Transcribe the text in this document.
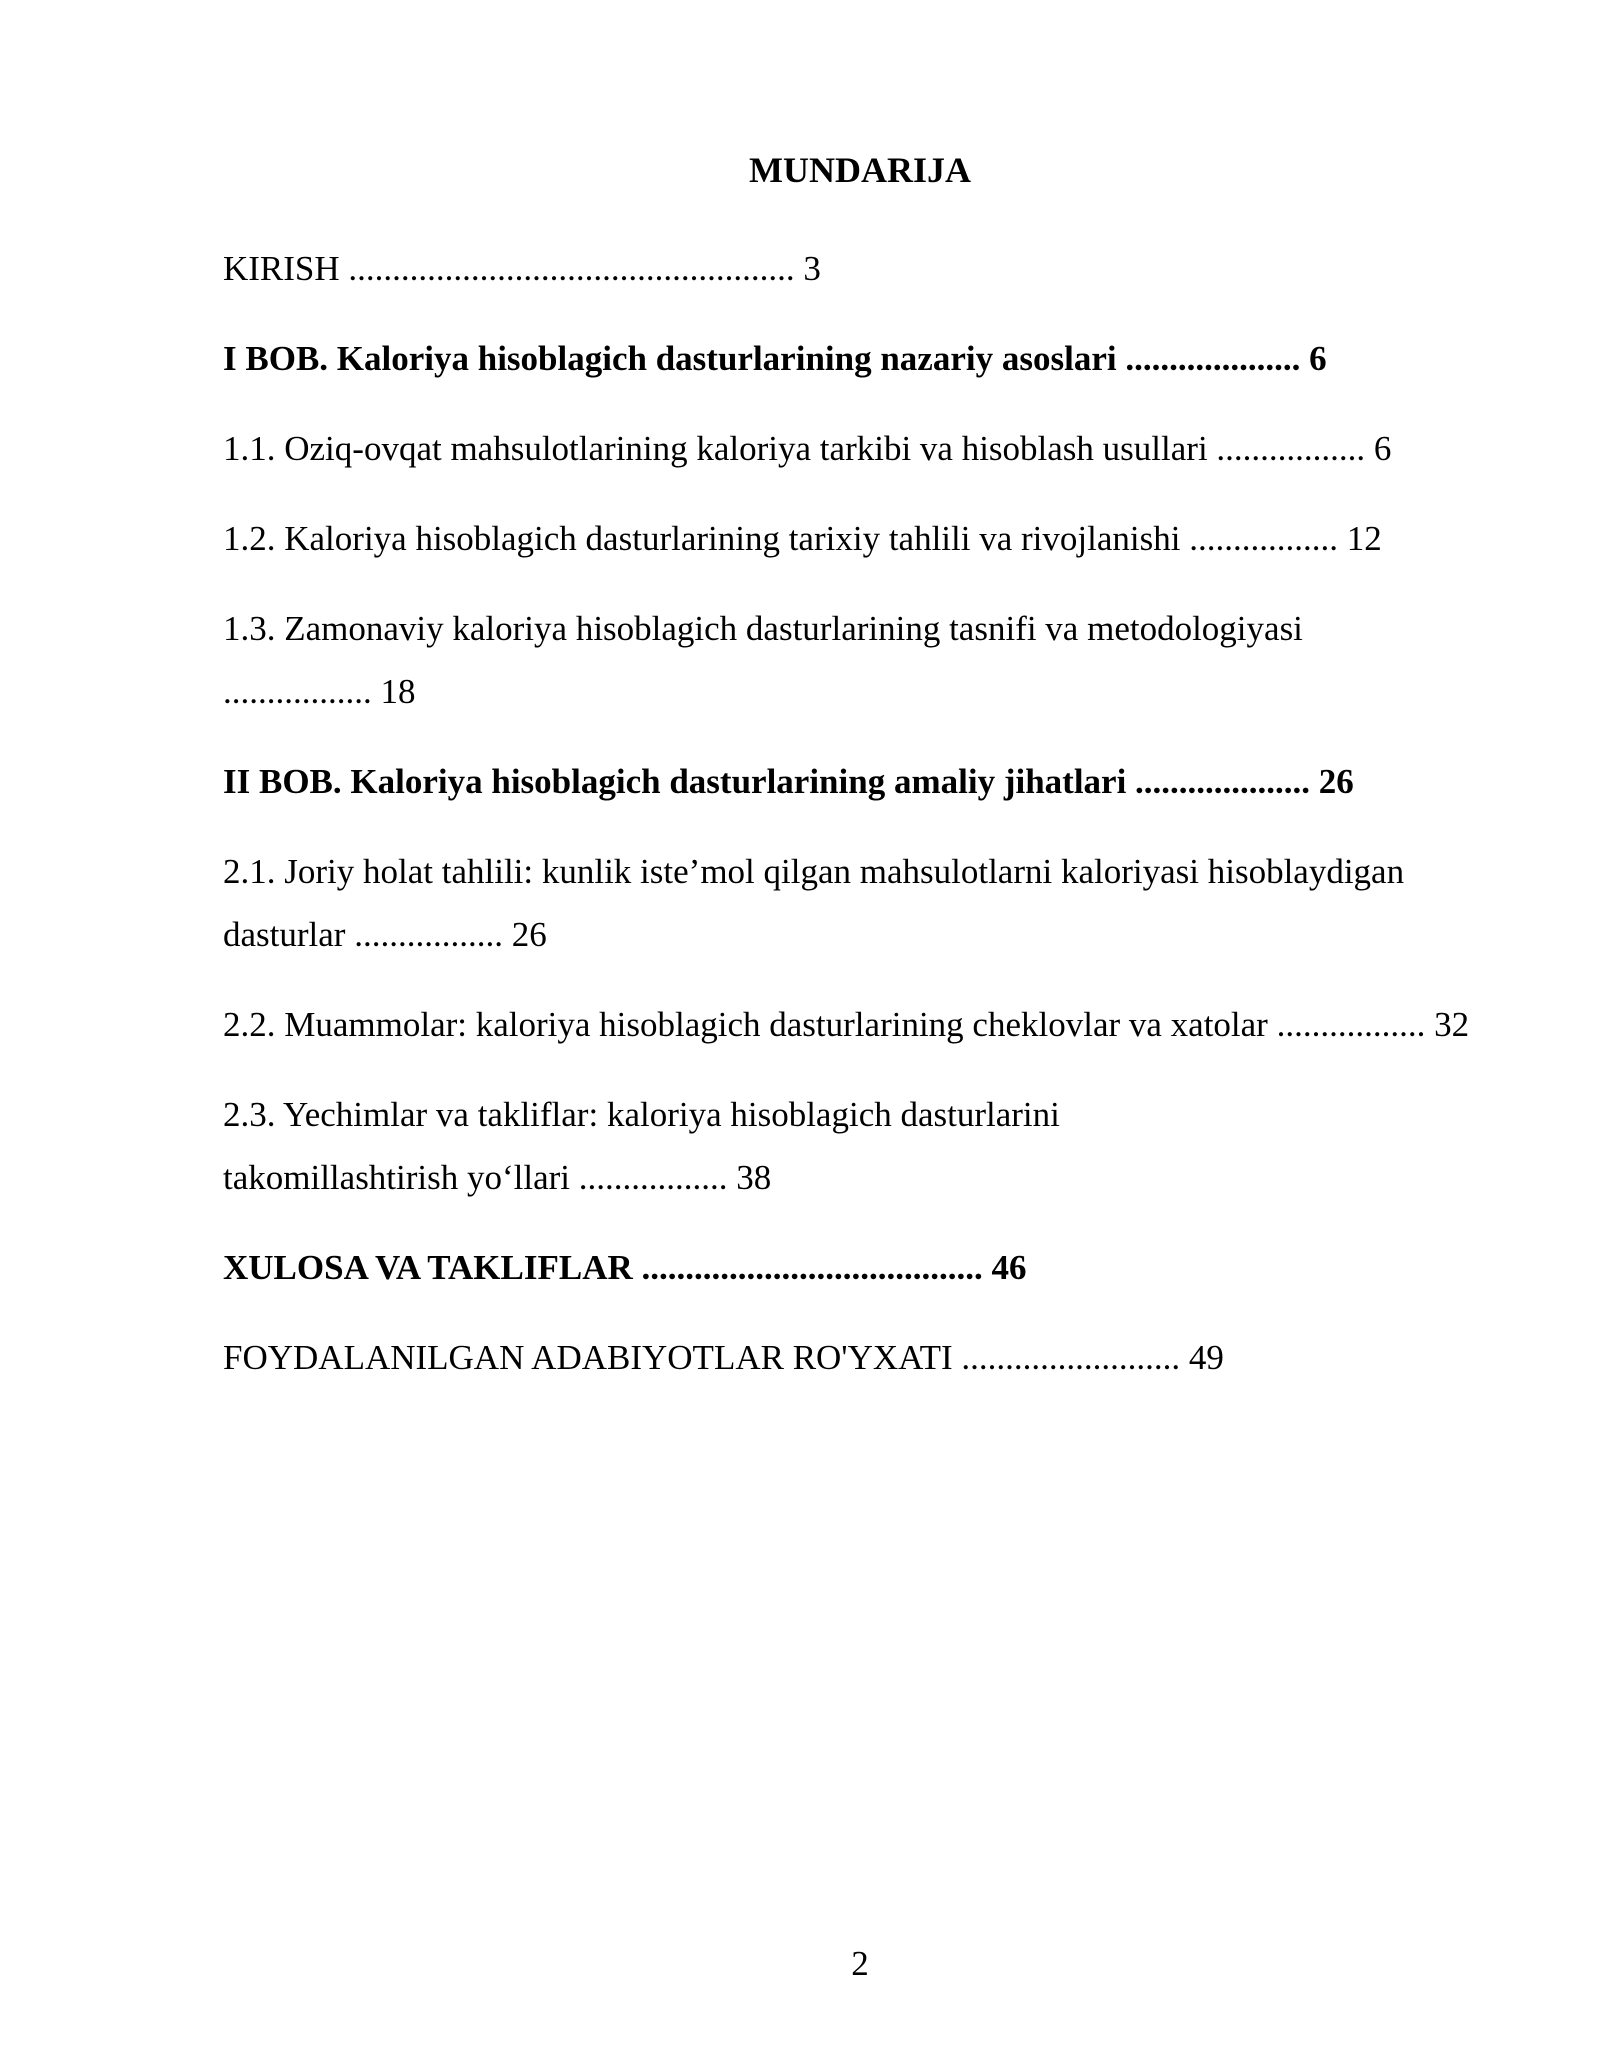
MUNDARIJA
KIRISH ................................................... 3
I BOB. Kaloriya hisoblagich dasturlarining nazariy asoslari .................... 6
1.1. Oziq-ovqat mahsulotlarining kaloriya tarkibi va hisoblash usullari ................. 6
1.2. Kaloriya hisoblagich dasturlarining tarixiy tahlili va rivojlanishi ................. 12
1.3. Zamonaviy kaloriya hisoblagich dasturlarining tasnifi va metodologiyasi ................. 18
II BOB. Kaloriya hisoblagich dasturlarining amaliy jihatlari .................... 26
2.1. Joriy holat tahlili: kunlik iste’mol qilgan mahsulotlarni kaloriyasi hisoblaydigan dasturlar ................. 26
2.2. Muammolar: kaloriya hisoblagich dasturlarining cheklovlar va xatolar ................. 32
2.3. Yechimlar va takliflar: kaloriya hisoblagich dasturlarini takomillashtirish yo‘llari ................. 38
XULOSA VA TAKLIFLAR ....................................... 46
FOYDALANILGAN ADABIYOTLAR RO'YXATI ......................... 49
2
